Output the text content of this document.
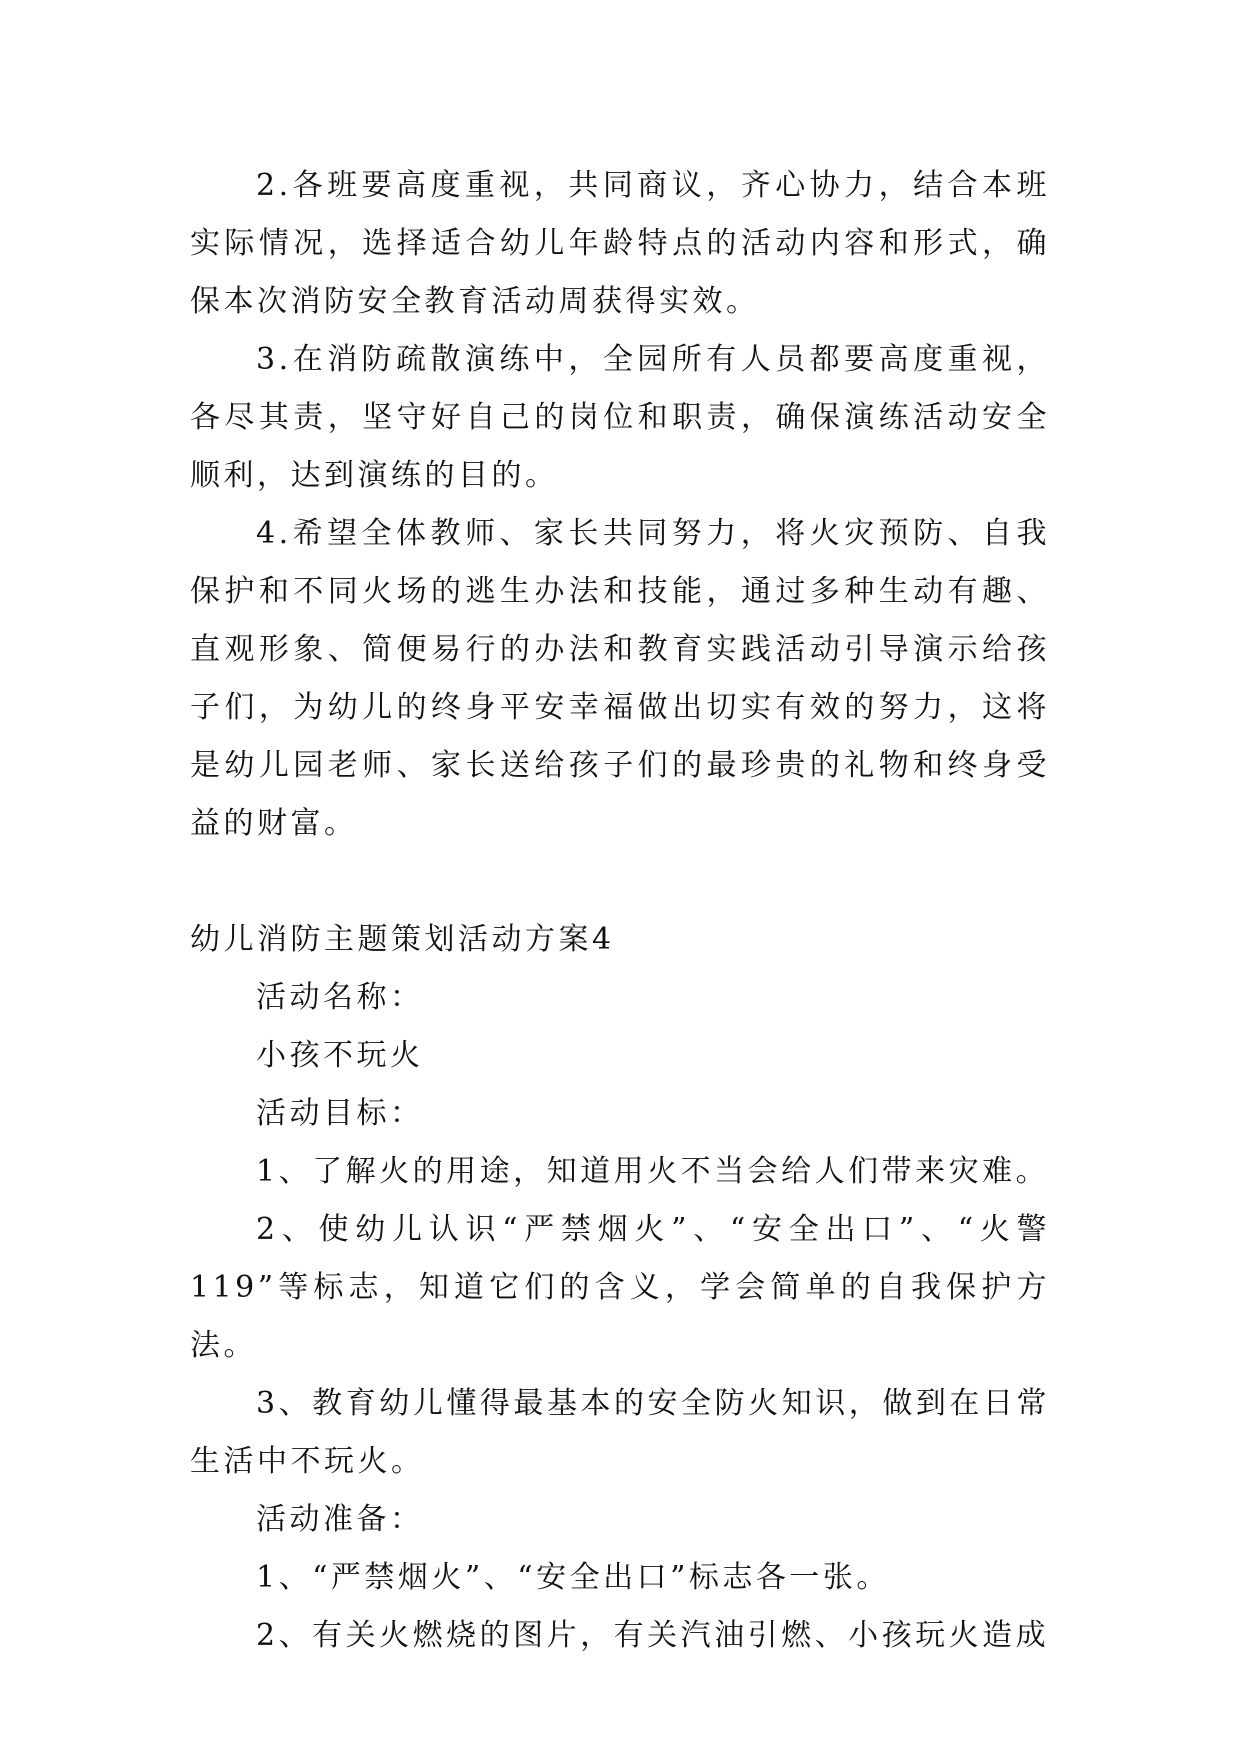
2.各班要高度重视，共同商议，齐心协力，结合本班实际情况，选择适合幼儿年龄特点的活动内容和形式，确保本次消防安全教育活动周获得实效。

3.在消防疏散演练中，全园所有人员都要高度重视，各尽其责，坚守好自己的岗位和职责，确保演练活动安全顺利，达到演练的目的。

4.希望全体教师、家长共同努力，将火灾预防、自我保护和不同火场的逃生办法和技能，通过多种生动有趣、直观形象、简便易行的办法和教育实践活动引导演示给孩子们，为幼儿的终身平安幸福做出切实有效的努力，这将是幼儿园老师、家长送给孩子们的最珍贵的礼物和终身受益的财富。

幼儿消防主题策划活动方案4

活动名称：

小孩不玩火

活动目标：

1、了解火的用途，知道用火不当会给人们带来灾难。

2、使幼儿认识“严禁烟火”、“安全出口”、“火警 119”等标志，知道它们的含义，学会简单的自我保护方法。

3、教育幼儿懂得最基本的安全防火知识，做到在日常生活中不玩火。

活动准备：

1、“严禁烟火”、“安全出口”标志各一张。

2、有关火燃烧的图片，有关汽油引燃、小孩玩火造成
